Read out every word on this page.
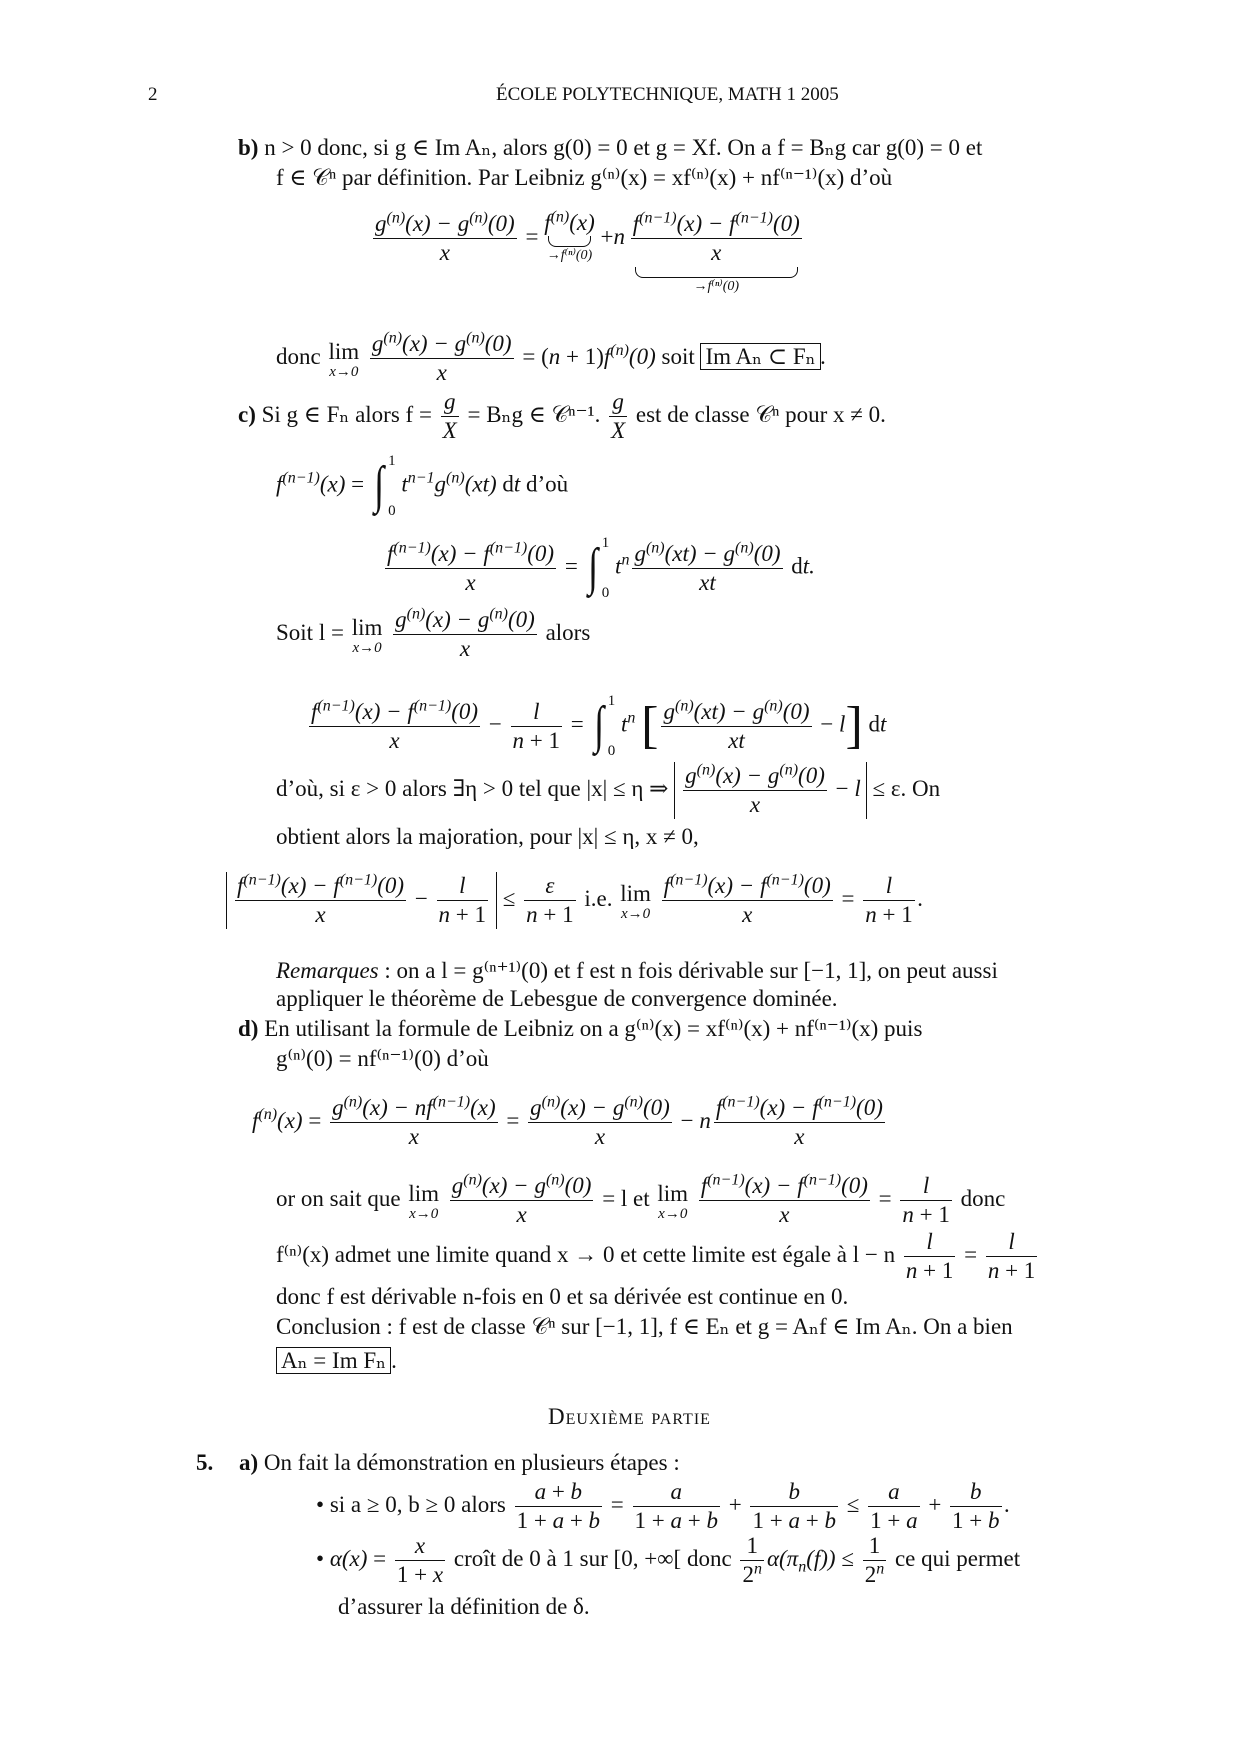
2	ÉCOLE POLYTECHNIQUE, MATH 1 2005
b) n > 0 donc, si g ∈ Im Aₙ, alors g(0) = 0 et g = Xf. On a f = Bₙg car g(0) = 0 et
f ∈ 𝒞ⁿ par définition. Par Leibniz g⁽ⁿ⁾(x) = xf⁽ⁿ⁾(x) + nf⁽ⁿ⁻¹⁾(x) d’où
$\frac{g^{(n)}(x) - g^{(n)}(0)}{x} = f^{(n)}(x)$
→f⁽ⁿ⁾(0)
$+n \frac{f^{(n-1)}(x) - f^{(n-1)}(0)}{x}$
→f⁽ⁿ⁾(0)
donc lim
x→0
$\frac{g^{(n)}(x) - g^{(n)}(0)}{x} = (n + 1)f^{(n)}(0)$ soit Im Aₙ ⊂ Fₙ .
c) Si g ∈ Fₙ alors $f = \frac{g}{X} = B_ng$ ∈ 𝒞ⁿ⁻¹. $\frac{g}{X}$ est de classe 𝒞ⁿ pour x ≠ 0.
$f^{(n-1)}(x)$ = ∫ 1
0 $t^{n-1}g^{(n)}(xt)$ dt d’où
$\frac{f^{(n-1)}(x) - f^{(n-1)}(0)}{x}$ = ∫ 1
0 $t^n \frac{g^{(n)}(xt) - g^{(n)}(0)}{xt}$ dt.
Soit l = lim
x→0
$\frac{g^{(n)}(x) - g^{(n)}(0)}{x}$ alors
$\frac{f^{(n-1)}(x) - f^{(n-1)}(0)}{x} - \frac{l}{n + 1}$ = ∫ 1
0 $t^n$ [ $\frac{g^{(n)}(xt) - g^{(n)}(0)}{xt} - l$] dt
d’où, si ε > 0 alors ∃η > 0 tel que |x| ≤ η ⇒ $\frac{g^{(n)}(x) - g^{(n)}(0)}{x} - l \le \varepsilon$. On
obtient alors la majoration, pour |x| ≤ η, x ≠ 0,
$\frac{f^{(n-1)}(x) - f^{(n-1)}(0)}{x} - \frac{l}{n + 1} \le \frac{\varepsilon}{n + 1} i.e$. lim
x→0
$\frac{f^{(n-1)}(x) - f^{(n-1)}(0)}{x} = \frac{l}{n + 1}$ .
Remarques : on a l = g⁽ⁿ⁺¹⁾(0) et f est n fois dérivable sur [−1, 1], on peut aussi
appliquer le théorème de Lebesgue de convergence dominée.
d) En utilisant la formule de Leibniz on a g⁽ⁿ⁾(x) = xf⁽ⁿ⁾(x) + nf⁽ⁿ⁻¹⁾(x) puis
g⁽ⁿ⁾(0) = nf⁽ⁿ⁻¹⁾(0) d’où
$f^{(n)}(x) = \frac{g^{(n)}(x) - nf^{(n-1)}(x)}{x} = \frac{g^{(n)}(x) - g^{(n)}(0)}{x} - n \frac{f^{(n-1)}(x) - f^{(n-1)}(0)}{x}$
or on sait que lim
x→0
$\frac{g^{(n)}(x) - g^{(n)}(0)}{x} = l$ et lim
x→0
$\frac{f^{(n-1)}(x) - f^{(n-1)}(0)}{x} = \frac{l}{n + 1}$ donc
f⁽ⁿ⁾(x) admet une limite quand x → 0 et cette limite est égale à l − n $\frac{l}{n + 1} = \frac{l}{n + 1}$
donc f est dérivable n-fois en 0 et sa dérivée est continue en 0.
Conclusion : f est de classe 𝒞ⁿ sur [−1, 1], f ∈ Eₙ et g = Aₙf ∈ Im Aₙ. On a bien
Aₙ = Im Fₙ .
Deuxième partie
5. a) On fait la démonstration en plusieurs étapes :
• si a ≥ 0, b ≥ 0 alors $\frac{a + b}{1 + a + b} = \frac{a}{1 + a + b} + \frac{b}{1 + a + b} \le \frac{a}{1 + a} + \frac{b}{1 + b}$ .
• $\alpha(x) = \frac{x}{1 + x}$ croît de 0 à 1 sur [0, +∞[ donc $\frac{1}{2^n} \alpha(\pi_n(f)) \le \frac{1}{2^n}$ ce qui permet
d’assurer la définition de δ.
